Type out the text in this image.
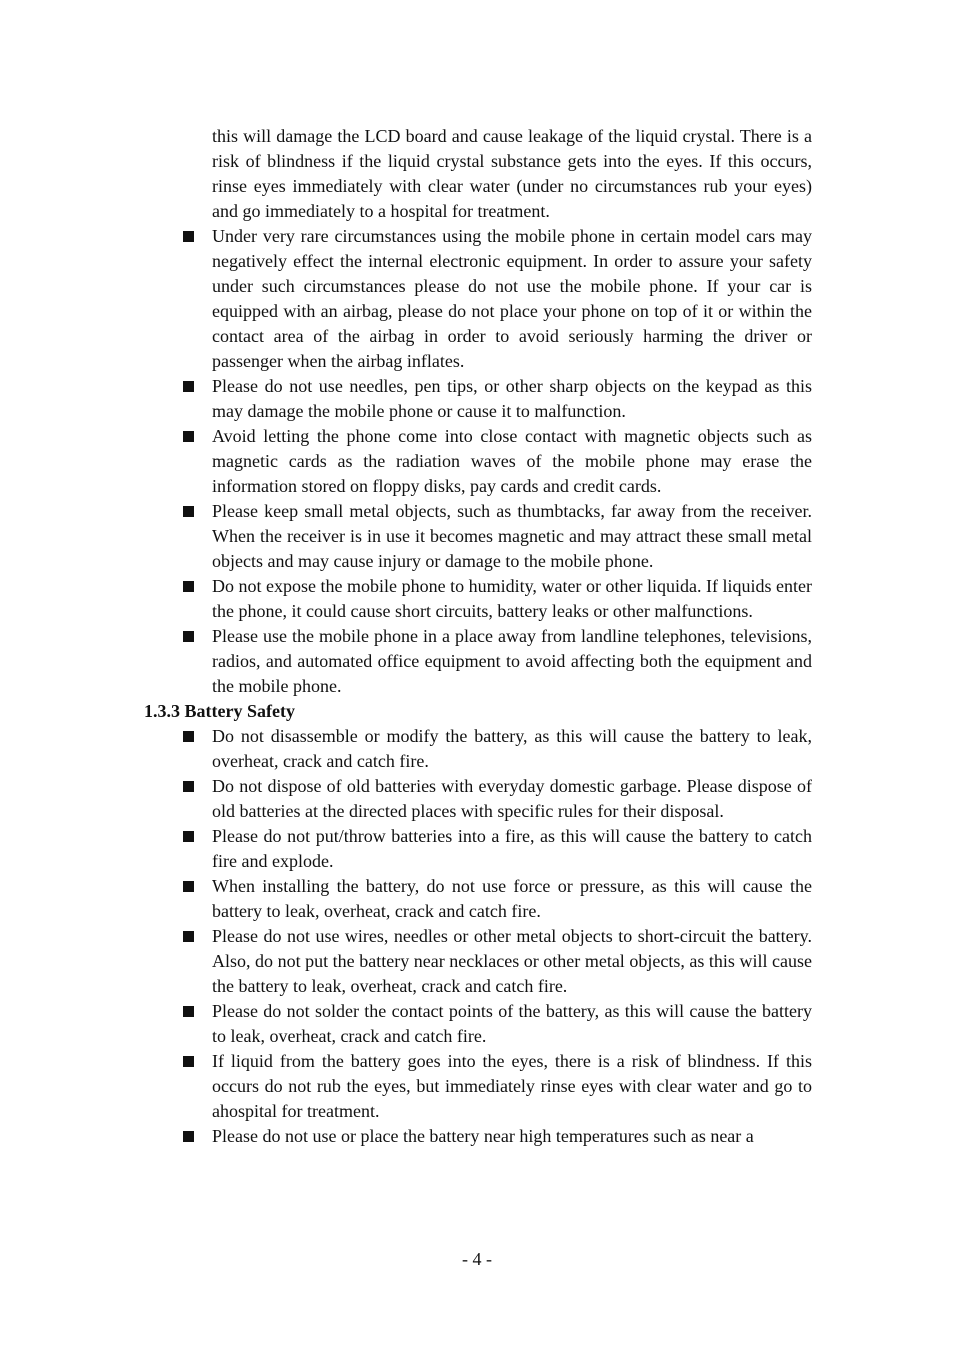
this will damage the LCD board and cause leakage of the liquid crystal. There is a risk of blindness if the liquid crystal substance gets into the eyes. If this occurs, rinse eyes immediately with clear water (under no circumstances rub your eyes) and go immediately to a hospital for treatment.
Under very rare circumstances using the mobile phone in certain model cars may negatively effect the internal electronic equipment. In order to assure your safety under such circumstances please do not use the mobile phone. If your car is equipped with an airbag, please do not place your phone on top of it or within the contact area of the airbag in order to avoid seriously harming the driver or passenger when the airbag inflates.
Please do not use needles, pen tips, or other sharp objects on the keypad as this may damage the mobile phone or cause it to malfunction.
Avoid letting the phone come into close contact with magnetic objects such as magnetic cards as the radiation waves of the mobile phone may erase the information stored on floppy disks, pay cards and credit cards.
Please keep small metal objects, such as thumbtacks, far away from the receiver. When the receiver is in use it becomes magnetic and may attract these small metal objects and may cause injury or damage to the mobile phone.
Do not expose the mobile phone to humidity, water or other liquida. If liquids enter the phone, it could cause short circuits, battery leaks or other malfunctions.
Please use the mobile phone in a place away from landline telephones, televisions, radios, and automated office equipment to avoid affecting both the equipment and the mobile phone.
1.3.3 Battery Safety
Do not disassemble or modify the battery, as this will cause the battery to leak, overheat, crack and catch fire.
Do not dispose of old batteries with everyday domestic garbage. Please dispose of old batteries at the directed places with specific rules for their disposal.
Please do not put/throw batteries into a fire, as this will cause the battery to catch fire and explode.
When installing the battery, do not use force or pressure, as this will cause the battery to leak, overheat, crack and catch fire.
Please do not use wires, needles or other metal objects to short-circuit the battery. Also, do not put the battery near necklaces or other metal objects, as this will cause the battery to leak, overheat, crack and catch fire.
Please do not solder the contact points of the battery, as this will cause the battery to leak, overheat, crack and catch fire.
If liquid from the battery goes into the eyes, there is a risk of blindness. If this occurs do not rub the eyes, but immediately rinse eyes with clear water and go to ahospital for treatment.
Please do not use or place the battery near high temperatures such as near a
- 4 -
